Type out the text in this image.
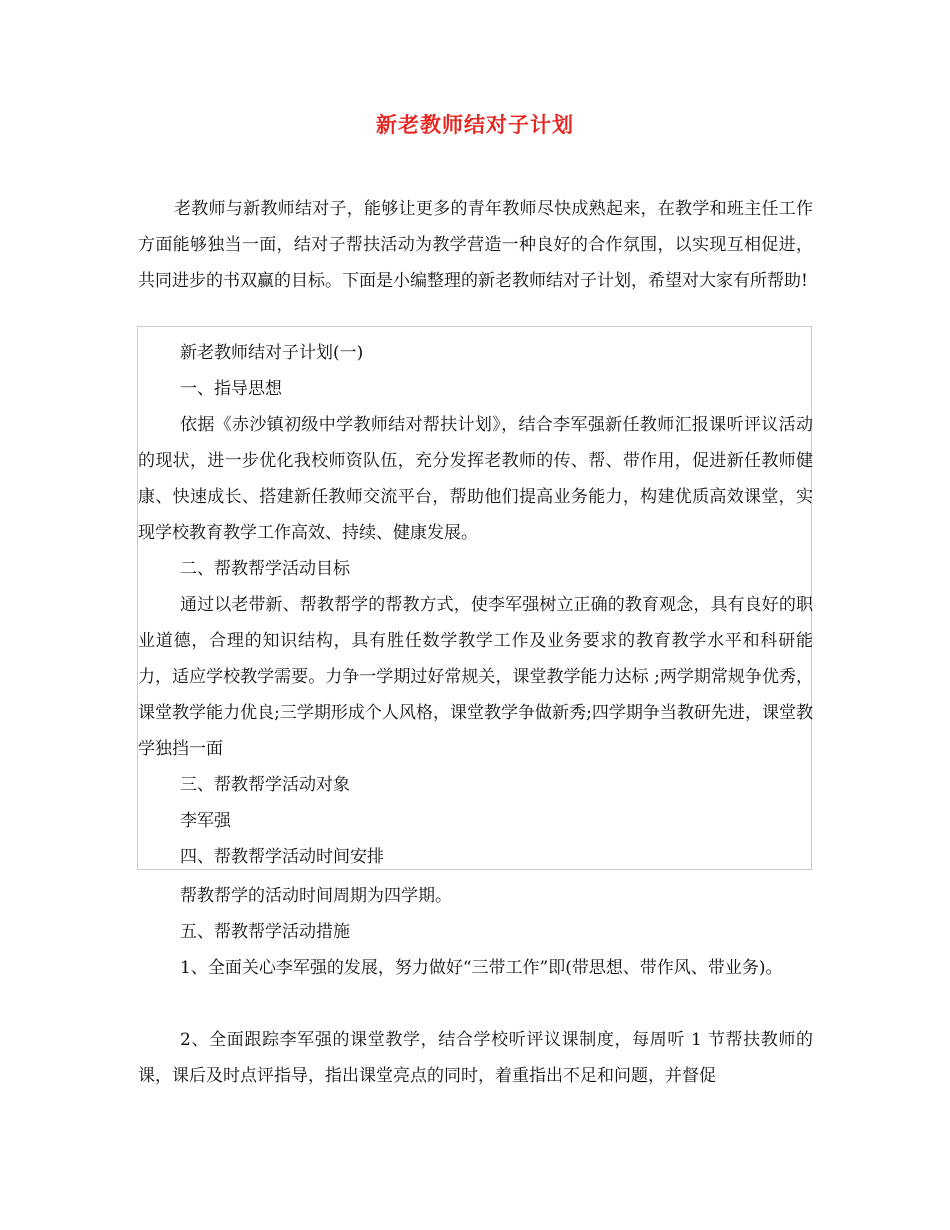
新老教师结对子计划

老教师与新教师结对子，能够让更多的青年教师尽快成熟起来，在教学和班主任工作方面能够独当一面，结对子帮扶活动为教学营造一种良好的合作氛围，以实现互相促进，共同进步的书双赢的目标。下面是小编整理的新老教师结对子计划，希望对大家有所帮助!

新老教师结对子计划(一)

一、指导思想

依据《赤沙镇初级中学教师结对帮扶计划》，结合李军强新任教师汇报课听评议活动的现状，进一步优化我校师资队伍，充分发挥老教师的传、帮、带作用，促进新任教师健康、快速成长、搭建新任教师交流平台，帮助他们提高业务能力，构建优质高效课堂，实现学校教育教学工作高效、持续、健康发展。

二、帮教帮学活动目标

通过以老带新、帮教帮学的帮教方式，使李军强树立正确的教育观念，具有良好的职业道德，合理的知识结构，具有胜任数学教学工作及业务要求的教育教学水平和科研能力，适应学校教学需要。力争一学期过好常规关，课堂教学能力达标 ;两学期常规争优秀，课堂教学能力优良;三学期形成个人风格，课堂教学争做新秀;四学期争当教研先进，课堂教学独挡一面

三、帮教帮学活动对象

李军强

四、帮教帮学活动时间安排

帮教帮学的活动时间周期为四学期。

五、帮教帮学活动措施

1、全面关心李军强的发展，努力做好“三带工作”即(带思想、带作风、带业务)。

2、全面跟踪李军强的课堂教学，结合学校听评议课制度，每周听 1 节帮扶教师的课，课后及时点评指导，指出课堂亮点的同时，着重指出不足和问题，并督促
